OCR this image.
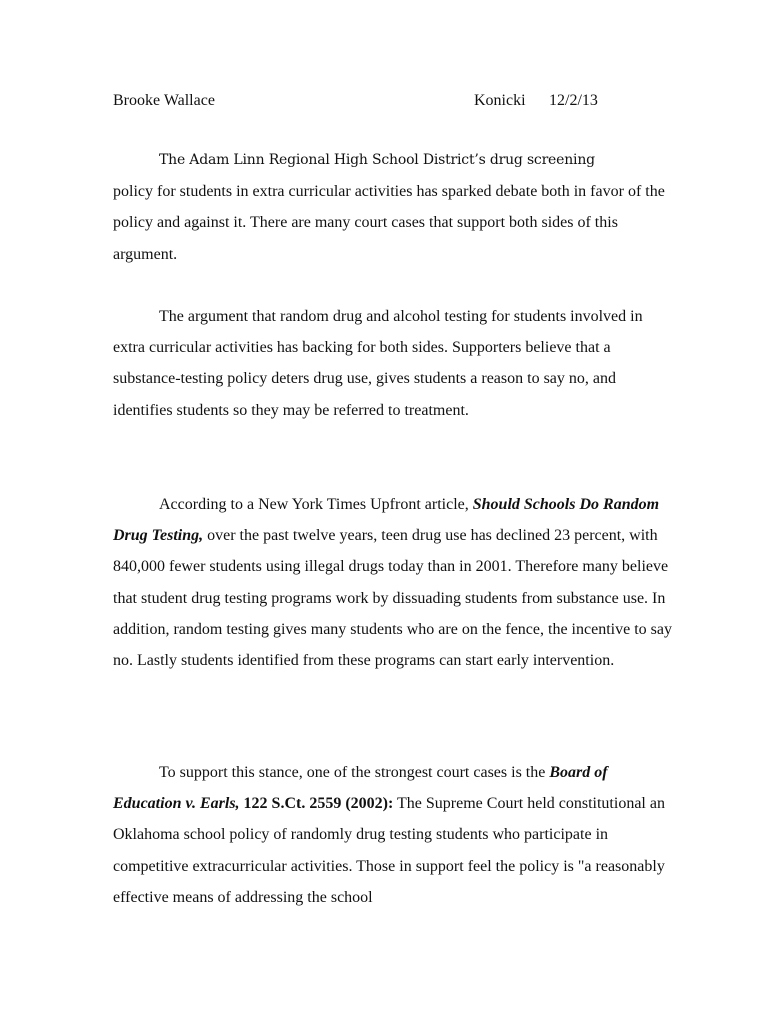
Brooke Wallace	Konicki 12/2/13
The Adam Linn Regional High School District’s drug screening
policy for students in extra curricular activities has sparked debate both in favor of the policy and against it. There are many court cases that support both sides of this argument.
The argument that random drug and alcohol testing for students involved in extra curricular activities has backing for both sides. Supporters believe that a substance-testing policy deters drug use, gives students a reason to say no, and identifies students so they may be referred to treatment.
According to a New York Times Upfront article, Should Schools Do Random Drug Testing, over the past twelve years, teen drug use has declined 23 percent, with 840,000 fewer students using illegal drugs today than in 2001. Therefore many believe that student drug testing programs work by dissuading students from substance use. In addition, random testing gives many students who are on the fence, the incentive to say no. Lastly students identified from these programs can start early intervention.
To support this stance, one of the strongest court cases is the Board of Education v. Earls, 122 S.Ct. 2559 (2002): The Supreme Court held constitutional an Oklahoma school policy of randomly drug testing students who participate in competitive extracurricular activities. Those in support feel the policy is "a reasonably effective means of addressing the school
